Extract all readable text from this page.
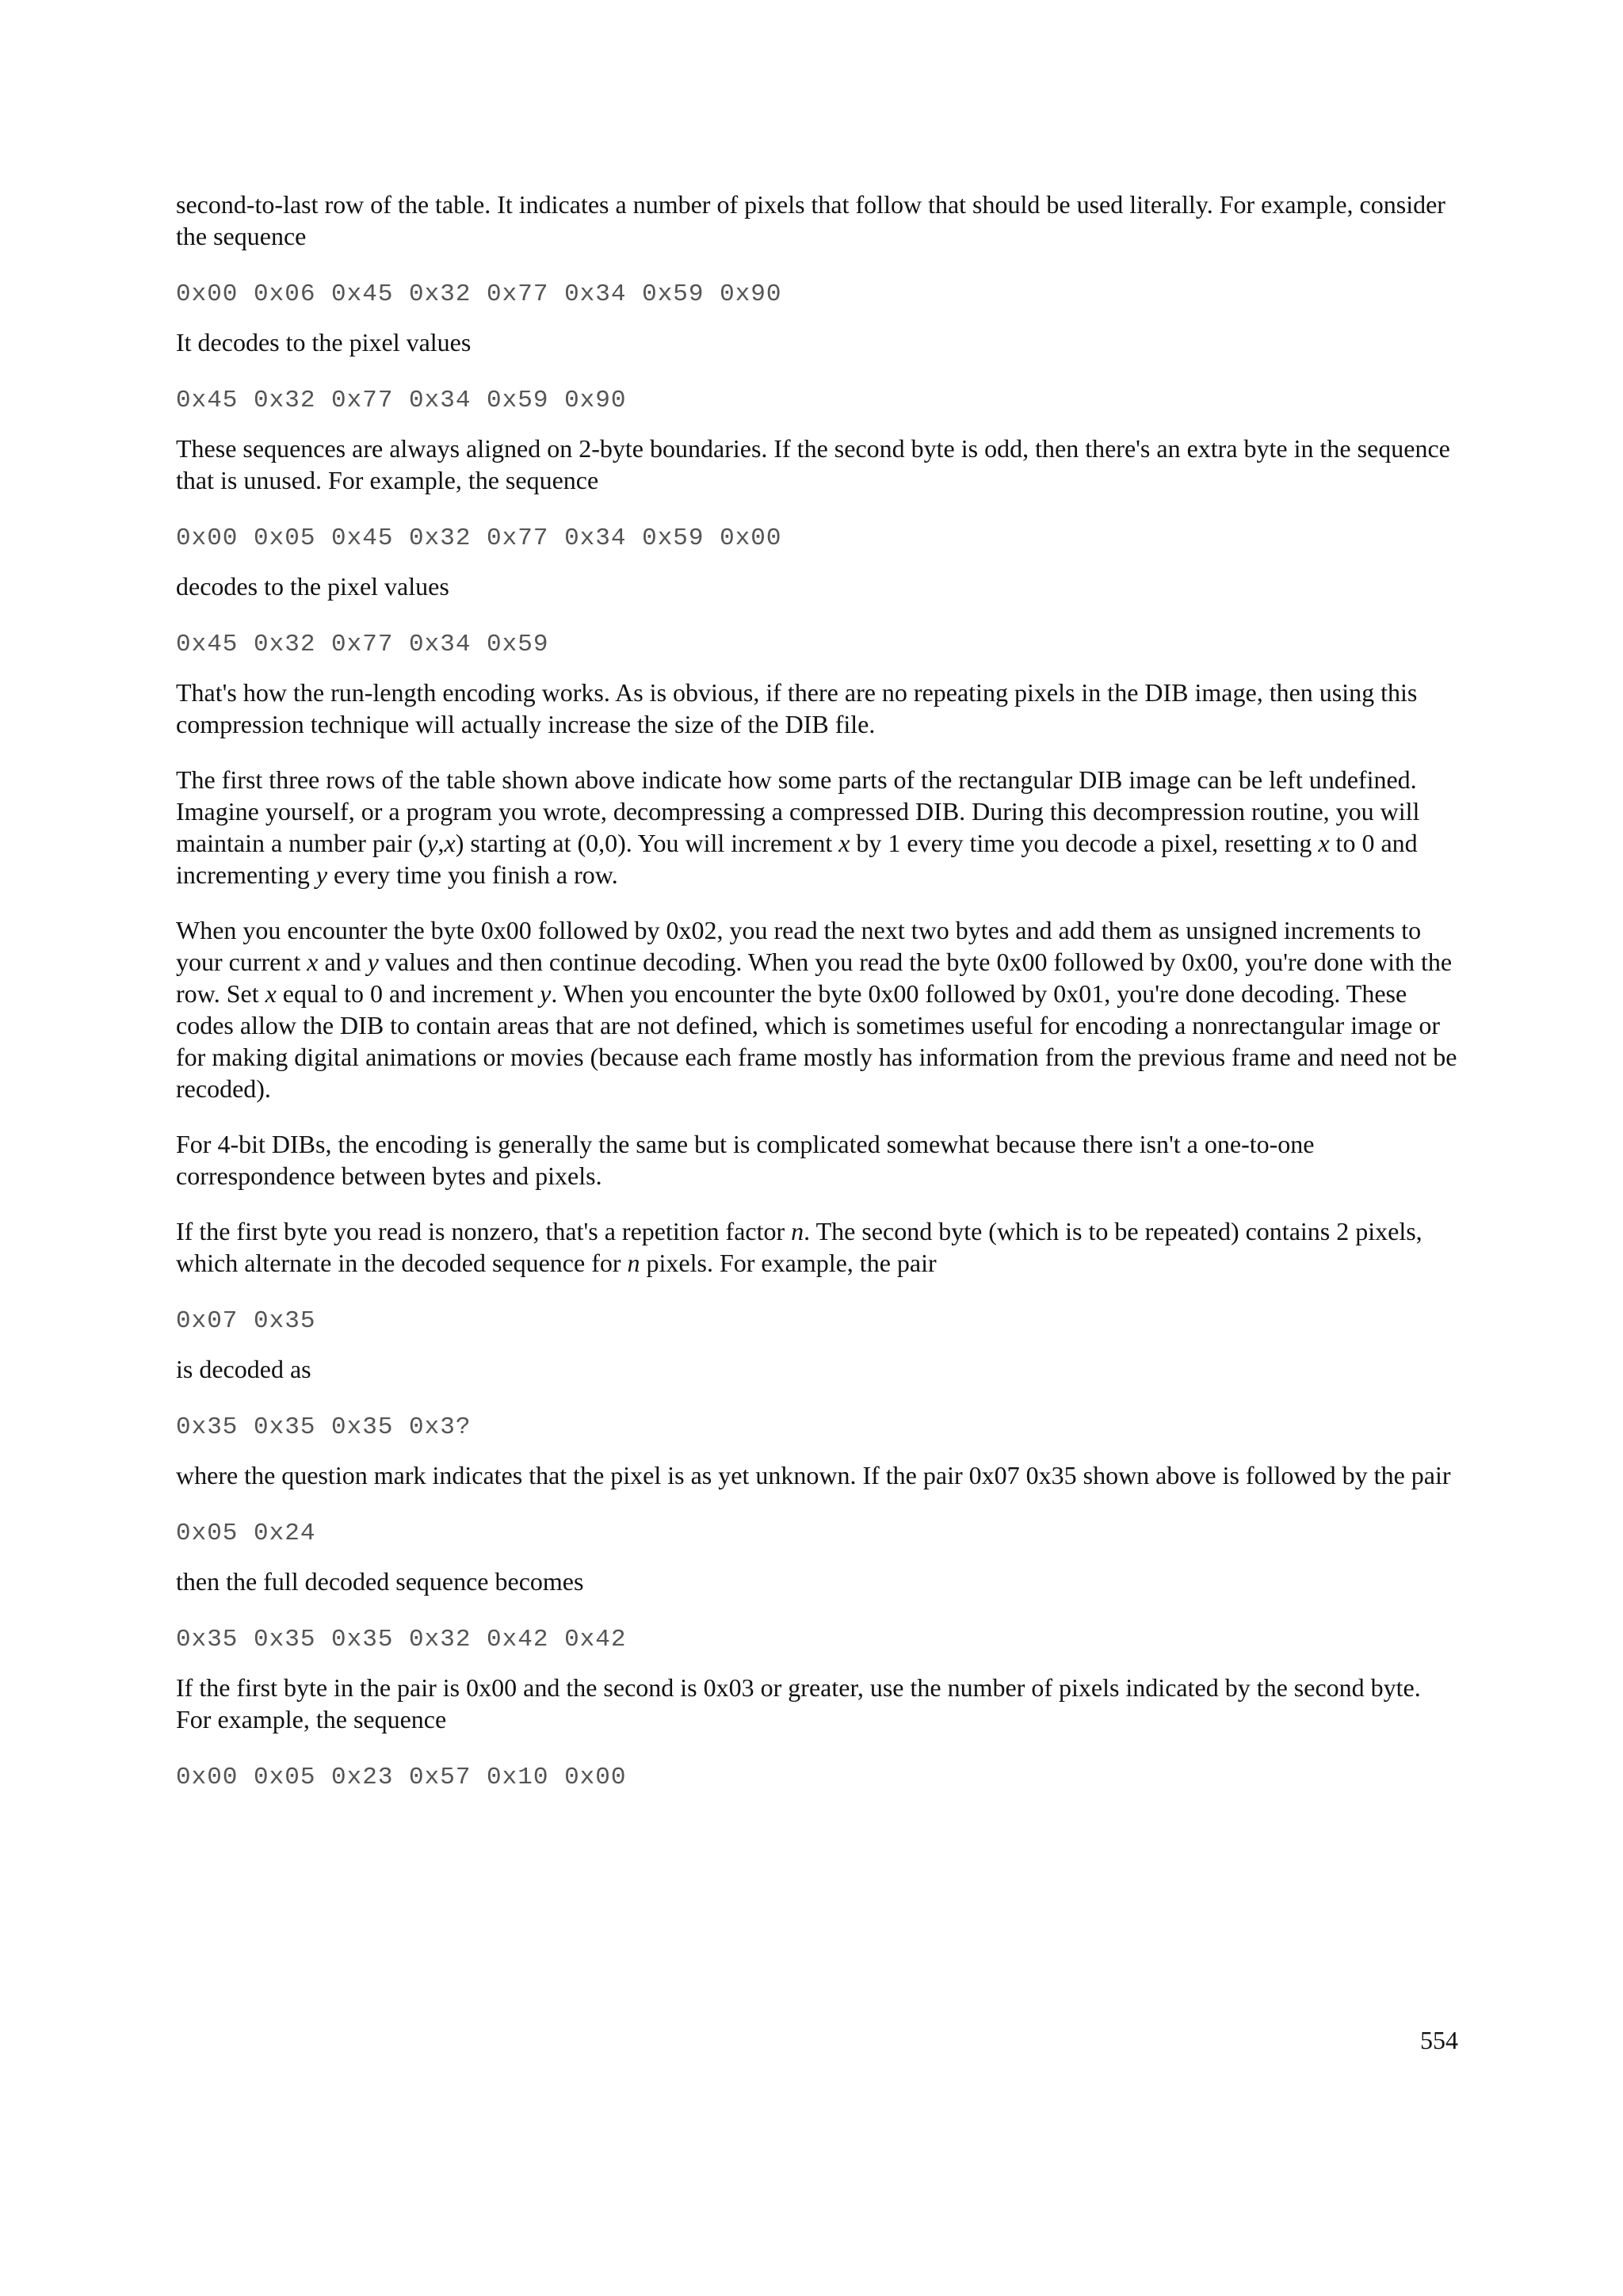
second-to-last row of the table. It indicates a number of pixels that follow that should be used literally. For example, consider the sequence

0x00 0x06 0x45 0x32 0x77 0x34 0x59 0x90

It decodes to the pixel values

0x45 0x32 0x77 0x34 0x59 0x90

These sequences are always aligned on 2-byte boundaries. If the second byte is odd, then there's an extra byte in the sequence that is unused. For example, the sequence

0x00 0x05 0x45 0x32 0x77 0x34 0x59 0x00

decodes to the pixel values

0x45 0x32 0x77 0x34 0x59

That's how the run-length encoding works. As is obvious, if there are no repeating pixels in the DIB image, then using this compression technique will actually increase the size of the DIB file.

The first three rows of the table shown above indicate how some parts of the rectangular DIB image can be left undefined. Imagine yourself, or a program you wrote, decompressing a compressed DIB. During this decompression routine, you will maintain a number pair (y,x) starting at (0,0). You will increment x by 1 every time you decode a pixel, resetting x to 0 and incrementing y every time you finish a row.

When you encounter the byte 0x00 followed by 0x02, you read the next two bytes and add them as unsigned increments to your current x and y values and then continue decoding. When you read the byte 0x00 followed by 0x00, you're done with the row. Set x equal to 0 and increment y. When you encounter the byte 0x00 followed by 0x01, you're done decoding. These codes allow the DIB to contain areas that are not defined, which is sometimes useful for encoding a nonrectangular image or for making digital animations or movies (because each frame mostly has information from the previous frame and need not be recoded).

For 4-bit DIBs, the encoding is generally the same but is complicated somewhat because there isn't a one-to-one correspondence between bytes and pixels.

If the first byte you read is nonzero, that's a repetition factor n. The second byte (which is to be repeated) contains 2 pixels, which alternate in the decoded sequence for n pixels. For example, the pair

0x07 0x35

is decoded as

0x35 0x35 0x35 0x3?

where the question mark indicates that the pixel is as yet unknown. If the pair 0x07 0x35 shown above is followed by the pair

0x05 0x24

then the full decoded sequence becomes

0x35 0x35 0x35 0x32 0x42 0x42

If the first byte in the pair is 0x00 and the second is 0x03 or greater, use the number of pixels indicated by the second byte. For example, the sequence

0x00 0x05 0x23 0x57 0x10 0x00
554
